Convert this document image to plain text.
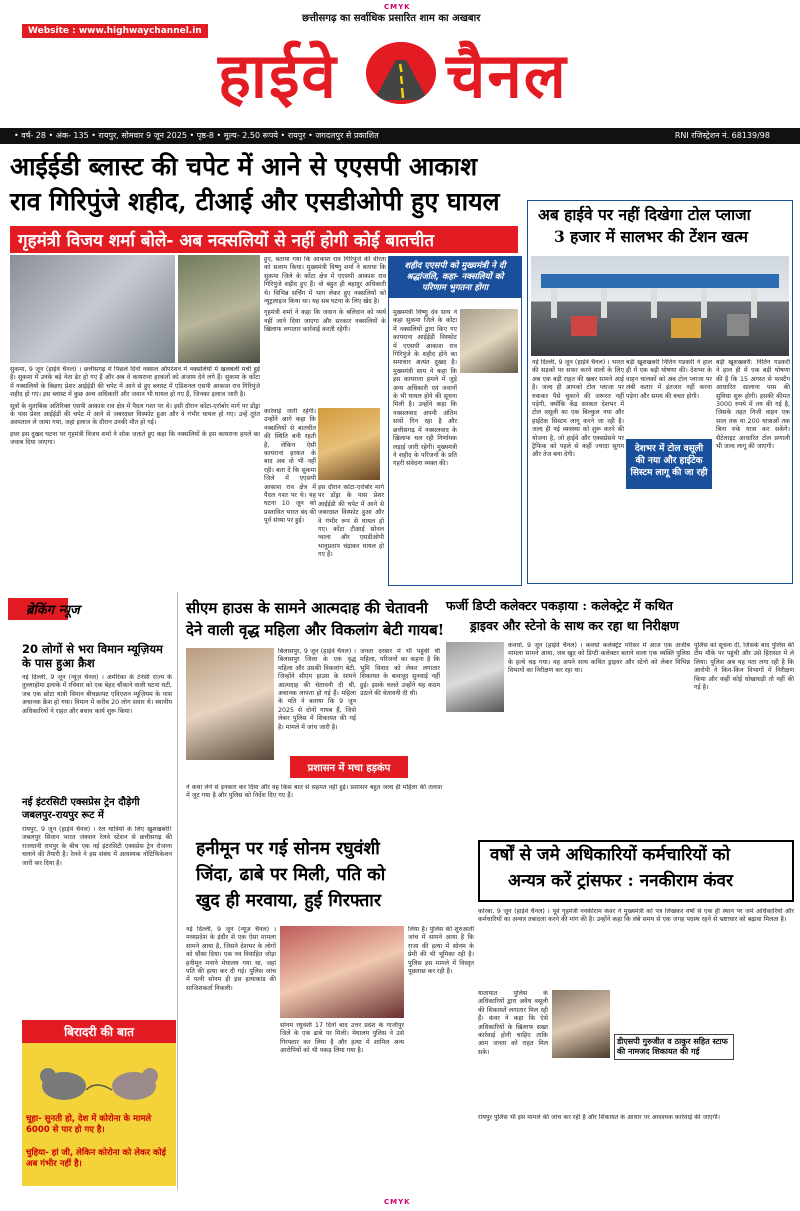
CMYK
Website : www.highwaychannel.in
छत्तीसगढ़ का सर्वाधिक प्रसारित शाम का अखबार
हाईवे चैनल
• वर्ष- 28 • अंक- 135 • रायपुर, सोमवार 9 जून 2025 • पृष्ठ-8 • मूल्य- 2.50 रूपये • रायपुर • जगदलपुर से प्रकाशित	RNI रजिस्ट्रेशन नं. 68139/98
आईईडी ब्लास्ट की चपेट में आने से एएसपी आकाश
राव गिरिपुंजे शहीद, टीआई और एसडीओपी हुए घायल
गृहमंत्री विजय शर्मा बोले- अब नक्सलियों से नहीं होगी कोई बातचीत

सुकमा, 9 जून (हाईवे चैनल) । छत्तीसगढ़ में पिछले दिनों नक्सल ऑपरेशन में नक्सलियों में खलबली मची हुई है। सुकमा में उनके बड़े नेता ढेर हो गए हैं और अब वे कायराना हरकतों को अंजाम देने लगे हैं। सुकमा के कोंटा में नक्सलियों के बिछाए प्रेशर आईईडी की चपेट में आने से हुए ब्लास्ट में एडिशनल एसपी आकाश राव गिरिपुंजे शहीद हो गए। इस ब्लास्ट में कुछ अन्य अधिकारी और जवान भी घायल हो गए हैं, जिनका इलाज जारी है।

सूत्रों के मुताबिक अतिरिक्त एसपी आकाश राव क्षेत्र में पैदल गश्त पर थे। इसी दौरान कोंटा-एर्राबोर मार्ग पर डोंड्रा के पास प्रेशर आईईडी की चपेट में आने से जबरदस्त विस्फोट हुआ और वे गंभीर घायल हो गए। उन्हें तुरंत अस्पताल ले जाया गया, जहां इलाज के दौरान उनकी मौत हो गई।

इधर इस दुखद घटना पर गृहमंत्री विजय शर्मा ने शोक जताते हुए कहा कि नक्सलियों के इस कायराना हमले का जवाब दिया जाएगा।

हुए, बताया गया कि आकाश राव गिरिपुंजे की वीरता को सलाम किया। मुख्यमंत्री विष्णु शर्मा ने बताया कि सुकमा जिले के कोंटा क्षेत्र में एएसपी आकाश राव गिरिपुंजे शहीद हुए हैं। वो बहुत ही बहादुर अधिकारी थे। विभिन्न सर्चिंग में भाग लेकर हुए नक्सलियों को न्यूट्रलाइज किया था। यह सब घटना के लिए खेद है।

गृहमंत्री शर्मा ने कहा कि जवान के बलिदान को व्यर्थ नहीं जाने दिया जाएगा और सरकार नक्सलियों के खिलाफ लगातार कार्रवाई करती रहेगी।

कार्रवाई जारी रहेगी। उन्होंने आगे कहा कि नक्सलियों से बातचीत की स्थिति बनी रहती है, लेकिन ऐसी कायराना हरकत के बाद अब वो भी नहीं रही। बता दें कि सुकमा जिले में एएसपी आकाश राव क्षेत्र में पैदल गश्त पर थे। यह घटना 10 जून को प्रस्तावित भारत बंद की पूर्व संध्या पर हुई।

इस दौरान कोंटा-एर्राबोर मार्ग पर डोंड्रा के पास प्रेशर आईईडी की चपेट में आने से जबरदस्त विस्फोट हुआ और वे गंभीर रूप से घायल हो गए। कोंटा टीआई सोनल ग्वाला और एसडीओपी भानुप्रताप चंद्राकर घायल हो गए हैं।

शहीद एएसपी को मुख्यमंत्री ने दी श्रद्धांजलि, कहा- नक्सलियों को परिणाम भुगतना होगा

मुख्यमंत्री विष्णु देव साय ने कहा सुकमा जिले के कोंटा में नक्सलियों द्वारा किए गए कायराना आईईडी विस्फोट में एएसपी आकाश राव गिरिपुंजे के शहीद होने का समाचार अत्यंत दुखद है। मुख्यमंत्री साय ने कहा कि इस कायराना हमले में जुड़े अन्य अधिकारी एवं जवानों के भी घायल होने की सूचना मिली है। उन्होंने कहा कि नक्सलवाद अपनी अंतिम सांसें गिन रहा है और छत्तीसगढ़ में नक्सलवाद के खिलाफ चल रही निर्णायक लड़ाई जारी रहेगी। मुख्यमंत्री ने शहीद के परिजनों के प्रति गहरी संवेदना व्यक्त की।

अब हाईवे पर नहीं दिखेगा टोल प्लाजा
3 हजार में सालभर की टेंशन खत्म

नई दिल्ली, 9 जून (हाईवे चैनल) । भारत की सड़कों पर सफर करने वालों के लिए अब एक बड़ी राहत की खबर सामने आई है। जल्द ही आपको टोल प्लाजा पर रुककर पैसे चुकाने की जरूरत नहीं पड़ेगी, क्योंकि केंद्र सरकार देशभर में टोल वसूली का एक बिल्कुल नया और हाईटेक सिस्टम लागू करने जा रही है। जल्द ही नई व्यवस्था को शुरू करने की योजना है, जो हाईवे और एक्सप्रेसवे पर ट्रैफिक को पहले से कहीं ज्यादा सुगम और तेज बना देगी।

देशभर में टोल वसूली की नया और हाईटेक सिस्टम लागू की जा रही

बड़ी खूशखबरी नितिन गडकरी ने हाल ही में एक बड़ी घोषणा की। देशभर के वाहन चालकों को अब टोल प्लाजा पर लंबी कतार में इंतजार नहीं करना पड़ेगा और समय की बचत होगी।

बड़ी खूशखबरी: नितिन गडकरी ने हाल ही में एक बड़ी घोषणा की है कि 15 अगस्त से फास्टैग आधारित सालाना पास की सुविधा शुरू होगी। इसकी कीमत 3000 रुपये में तय की गई है, जिसके तहत निजी वाहन एक साल तक या 200 यात्राओं तक बिना रुके यात्रा कर सकेंगे। सैटेलाइट आधारित टोल प्रणाली भी जल्द लागू की जाएगी।

ब्रेकिंग न्यूज
20 लोगों से भरा विमान म्यूज़ियम के पास हुआ क्रैश

नई दिल्ली, 9 जून (न्यूज़ चैनल) । अमेरिका के टेनेसी राज्य के तुल्लाहोमा इलाके में रविवार को एक बेहद चौंकाने वाली घटना घटी, जब एक छोटा यात्री विमान बीचक्राफ्ट एविएशन म्यूज़ियम के पास अचानक क्रैश हो गया। विमान में करीब 20 लोग सवार थे। स्थानीय अधिकारियों ने राहत और बचाव कार्य शुरू किया।

नई इंटरसिटी एक्सप्रेस ट्रेन दौड़ेगी जबलपुर-रायपुर रूट में

रायपुर, 9 जून (हाईवे चैनल) । रेल यात्रियों के लिए खुशखबरी! जबलपुर सिवान भारत जंक्शन रेलवे स्टेशन से छत्तीसगढ़ की राजधानी रायपुर के बीच एक नई इंटरसिटी एक्सप्रेस ट्रेन रोजाना चलाने की तैयारी है। रेलवे ने इस संबंध में आवश्यक नोटिफिकेशन जारी कर दिया है।

बिरादरी की बात
चूहा- सुनती हो, देश में कोरोना के मामले 6000 से पार हो गए है।
चुहिया- हां जी, लेकिन कोरोना को लेकर कोई अब गंभीर नहीं है।
सीएम हाउस के सामने आत्मदाह की चेतावनी
देने वाली वृद्ध महिला और विकलांग बेटी गायब!

बिलासपुर, 9 जून (हाईवे चैनल) । बिलासपुर जिला के एक वृद्ध महिला और उसकी विकलांग बेटी, जिन्होंने सीएम हाउस के सामने आत्मदाह की चेतावनी दी थी, अचानक लापता हो गई हैं। महिला के पति ने बताया कि 9 जून 2025 से दोनों गायब हैं, जिसे लेकर पुलिस में शिकायत की गई है। मामले में जांच जारी है।

जनता दरबार में भी पहुंची थी महिला, परिजनों का कहना है कि भूमि विवाद को लेकर लगातार शिकायत के बावजूद सुनवाई नहीं हुई। इसके चलते उन्होंने यह कदम उठाने की चेतावनी दी थी।

प्रशासन में मचा हड़कंप

ने कथा लेने से इनकार कर दिया और वह किस बात से सहमत नहीं हुई। प्रशासन बहुत जल्द ही महिला की तलाश में जुट गया है और पुलिस को निर्देश दिए गए हैं।

फर्जी डिप्टी कलेक्टर पकड़ाया : कलेक्ट्रेट में कथित
ड्राइवर और स्टेनो के साथ कर रहा था निरीक्षण

कवर्धा, 9 जून (हाईवे चैनल) । कवर्धा कलेक्ट्रेट परिसर में आज एक अजीब मामला सामने आया, जब खुद को डिप्टी कलेक्टर बताने वाला एक व्यक्ति पुलिस के हत्थे चढ़ गया। वह अपने साथ कथित ड्राइवर और स्टेनो को लेकर विभिन्न विभागों का निरीक्षण कर रहा था।

पुलिस को सूचना दी, जिसके बाद पुलिस की टीम मौके पर पहुंची और उसे हिरासत में ले लिया। पुलिस अब यह पता लगा रही है कि आरोपी ने किन-किन विभागों में निरीक्षण किया और कहीं कोई धोखाधड़ी तो नहीं की गई है।

हनीमून पर गई सोनम रघुवंशी
जिंदा, ढाबे पर मिली, पति को
खुद ही मरवाया, हुई गिरफ्तार

नई दिल्ली, 9 जून (न्यूज़ चैनल) । मध्यप्रदेश के इंदौर से एक ऐसा मामला सामने आया है, जिसने देशभर के लोगों को चौंका दिया। एक नव विवाहित जोड़ा हनीमून मनाने मेघालय गया था, जहां पति की हत्या कर दी गई। पुलिस जांच में पत्नी सोनम ही इस हत्याकांड की साजिशकर्ता निकली।

सोनम रघुवंशी 17 दिनों बाद उत्तर प्रदेश के गाजीपुर जिले के एक ढाबे पर मिली। मेघालय पुलिस ने उसे गिरफ्तार कर लिया है और हत्या में शामिल अन्य आरोपियों को भी पकड़ लिया गया है।

लिया है। पुलिस की शुरुआती जांच में सामने आया है कि राजा की हत्या में सोनम के प्रेमी की भी भूमिका रही है। पुलिस इस मामले में विस्तृत पूछताछ कर रही है।

वर्षों से जमे अधिकारियों कर्मचारियों को
अन्यत्र करें ट्रांसफर : ननकीराम कंवर

कोरबा, 9 जून (हाईवे चैनल) । पूर्व गृहमंत्री ननकीराम कंवर ने मुख्यमंत्री को पत्र लिखकर वर्षों से एक ही स्थान पर जमे अधिकारियों और कर्मचारियों का अन्यत्र तबादला करने की मांग की है। उन्होंने कहा कि लंबे समय से एक जगह पदस्थ रहने से भ्रष्टाचार को बढ़ावा मिलता है।

यातायात पुलिस के अधिकारियों द्वारा अवैध वसूली की शिकायतें लगातार मिल रही हैं। कंवर ने कहा कि ऐसे अधिकारियों के खिलाफ सख्त कार्रवाई होनी चाहिए ताकि आम जनता को राहत मिल सके।

डीएसपी गुरुजीत व ठाकुर सहित स्टाफ की नामजद शिकायत की गई

रायपुर पुलिस भी इस मामले की जांच कर रही है और शिकायत के आधार पर आवश्यक कार्रवाई की जाएगी।

CMYK
